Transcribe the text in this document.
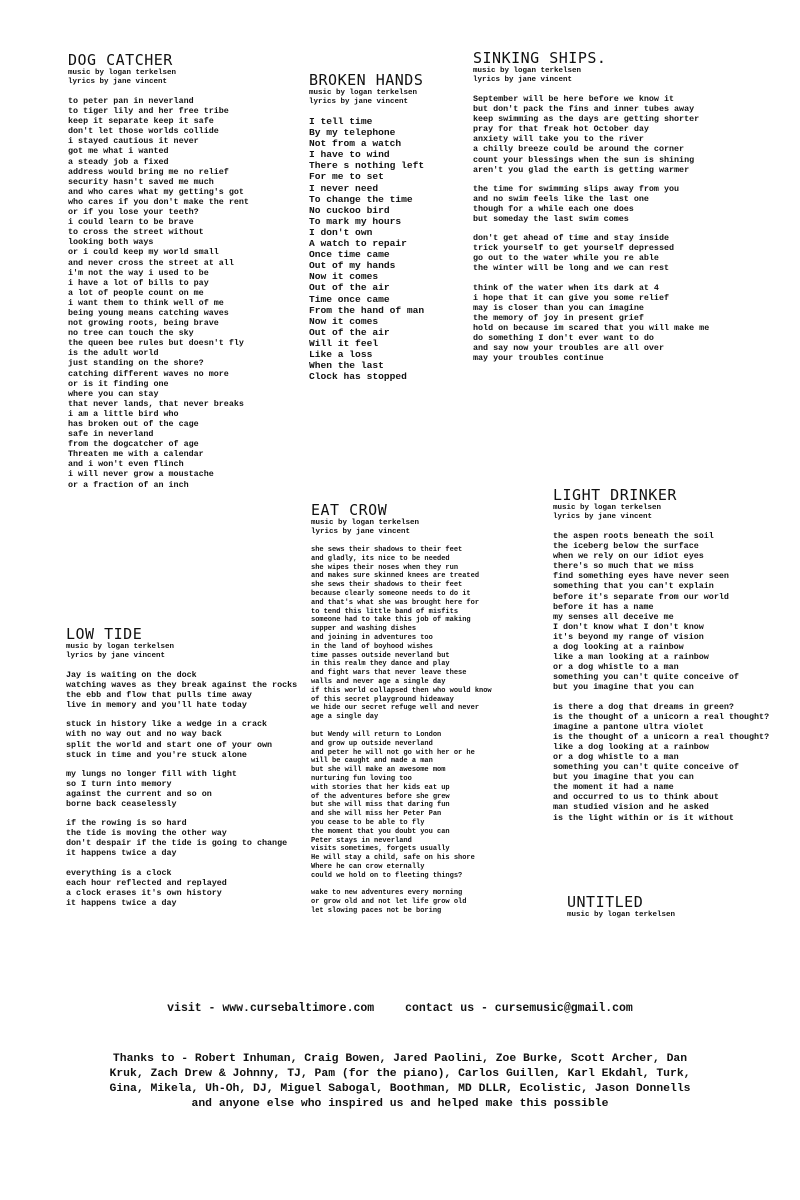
DOG CATCHER
music by logan terkelsen
lyrics by jane vincent
to peter pan in neverland
to tiger lily and her free tribe
keep it separate keep it safe
don't let those worlds collide
i stayed cautious it never
got me what i wanted
a steady job a fixed
address would bring me no relief
security hasn't saved me much
and who cares what my getting's got
who cares if you don't make the rent
or if you lose your teeth?
i could learn to be brave
to cross the street without
looking both ways
or i could keep my world small
and never cross the street at all
i'm not the way i used to be
i have a lot of bills to pay
a lot of people count on me
i want them to think well of me
being young means catching waves
not growing roots, being brave
no tree can touch the sky
the queen bee rules but doesn't fly
is the adult world
just standing on the shore?
catching different waves no more
or is it finding one
where you can stay
that never lands, that never breaks
i am a little bird who
has broken out of the cage
safe in neverland
from the dogcatcher of age
Threaten me with a calendar
and i won't even flinch
i will never grow a moustache
or a fraction of an inch
BROKEN HANDS
music by logan terkelsen
lyrics by jane vincent
I tell time
By my telephone
Not from a watch
I have to wind
There s nothing left
For me to set
I never need
To change the time
No cuckoo bird
To mark my hours
I don't own
A watch to repair
Once time came
Out of my hands
Now it comes
Out of the air
Time once came
From the hand of man
Now it comes
Out of the air
Will it feel
Like a loss
When the last
Clock has stopped
SINKING SHIPS.
music by logan terkelsen
lyrics by jane vincent
September will be here before we know it
but don't pack the fins and inner tubes away
keep swimming as the days are getting shorter
pray for that freak hot October day
anxiety will take you to the river
a chilly breeze could be around the corner
count your blessings when the sun is shining
aren't you glad the earth is getting warmer
the time for swimming slips away from you
and no swim feels like the last one
though for a while each one does
but someday the last swim comes
don't get ahead of time and stay inside
trick yourself to get yourself depressed
go out to the water while you re able
the winter will be long and we can rest
think of the water when its dark at 4
i hope that it can give you some relief
may is closer than you can imagine
the memory of joy in present grief
hold on because im scared that you will make me
do something I don't ever want to do
and say now your troubles are all over
may your troubles continue
EAT CROW
music by logan terkelsen
lyrics by jane vincent
she sews their shadows to their feet
and gladly, its nice to be needed
she wipes their noses when they run
and makes sure skinned knees are treated
she sews their shadows to their feet
because clearly someone needs to do it
and that's what she was brought here for
to tend this little band of misfits
someone had to take this job of making
supper and washing dishes
and joining in adventures too
in the land of boyhood wishes
time passes outside neverland but
in this realm they dance and play
and fight wars that never leave these
walls and never age a single day
if this world collapsed then who would know
of this secret playground hideaway
we hide our secret refuge well and never
age a single day
but Wendy will return to London
and grow up outside neverland
and peter he will not go with her or he
will be caught and made a man
but she will make an awesome mom
nurturing fun loving too
with stories that her kids eat up
of the adventures before she grew
but she will miss that daring fun
and she will miss her Peter Pan
you cease to be able to fly
the moment that you doubt you can
Peter stays in neverland
visits sometimes, forgets usually
He will stay a child, safe on his shore
Where he can crow eternally
could we hold on to fleeting things?
wake to new adventures every morning
or grow old and not let life grow old
let slowing paces not be boring
LIGHT DRINKER
music by logan terkelsen
lyrics by jane vincent
the aspen roots beneath the soil
the iceberg below the surface
when we rely on our idiot eyes
there's so much that we miss
find something eyes have never seen
something that you can't explain
before it's separate from our world
before it has a name
my senses all deceive me
I don't know what I don't know
it's beyond my range of vision
a dog looking at a rainbow
like a man looking at a rainbow
or a dog whistle to a man
something you can't quite conceive of
but you imagine that you can
is there a dog that dreams in green?
is the thought of a unicorn a real thought?
imagine a pantone ultra violet
is the thought of a unicorn a real thought?
like a dog looking at a rainbow
or a dog whistle to a man
something you can't quite conceive of
but you imagine that you can
the moment it had a name
and occurred to us to think about
man studied vision and he asked
is the light within or is it without
LOW TIDE
music by logan terkelsen
lyrics by jane vincent
Jay is waiting on the dock
watching waves as they break against the rocks
the ebb and flow that pulls time away
live in memory and you'll hate today
stuck in history like a wedge in a crack
with no way out and no way back
split the world and start one of your own
stuck in time and you're stuck alone
my lungs no longer fill with light
so I turn into memory
against the current and so on
borne back ceaselessly
if the rowing is so hard
the tide is moving the other way
don't despair if the tide is going to change
it happens twice a day
everything is a clock
each hour reflected and replayed
a clock erases it's own history
it happens twice a day	UNTITLED
music by logan terkelsen
visit - www.cursebaltimore.com	contact us - cursemusic@gmail.com
Thanks to - Robert Inhuman, Craig Bowen, Jared Paolini, Zoe Burke, Scott Archer, Dan
Kruk, Zach Drew & Johnny, TJ, Pam (for the piano), Carlos Guillen, Karl Ekdahl, Turk,
Gina, Mikela, Uh-Oh, DJ, Miguel Sabogal, Boothman, MD DLLR, Ecolistic, Jason Donnells
and anyone else who inspired us and helped make this possible
